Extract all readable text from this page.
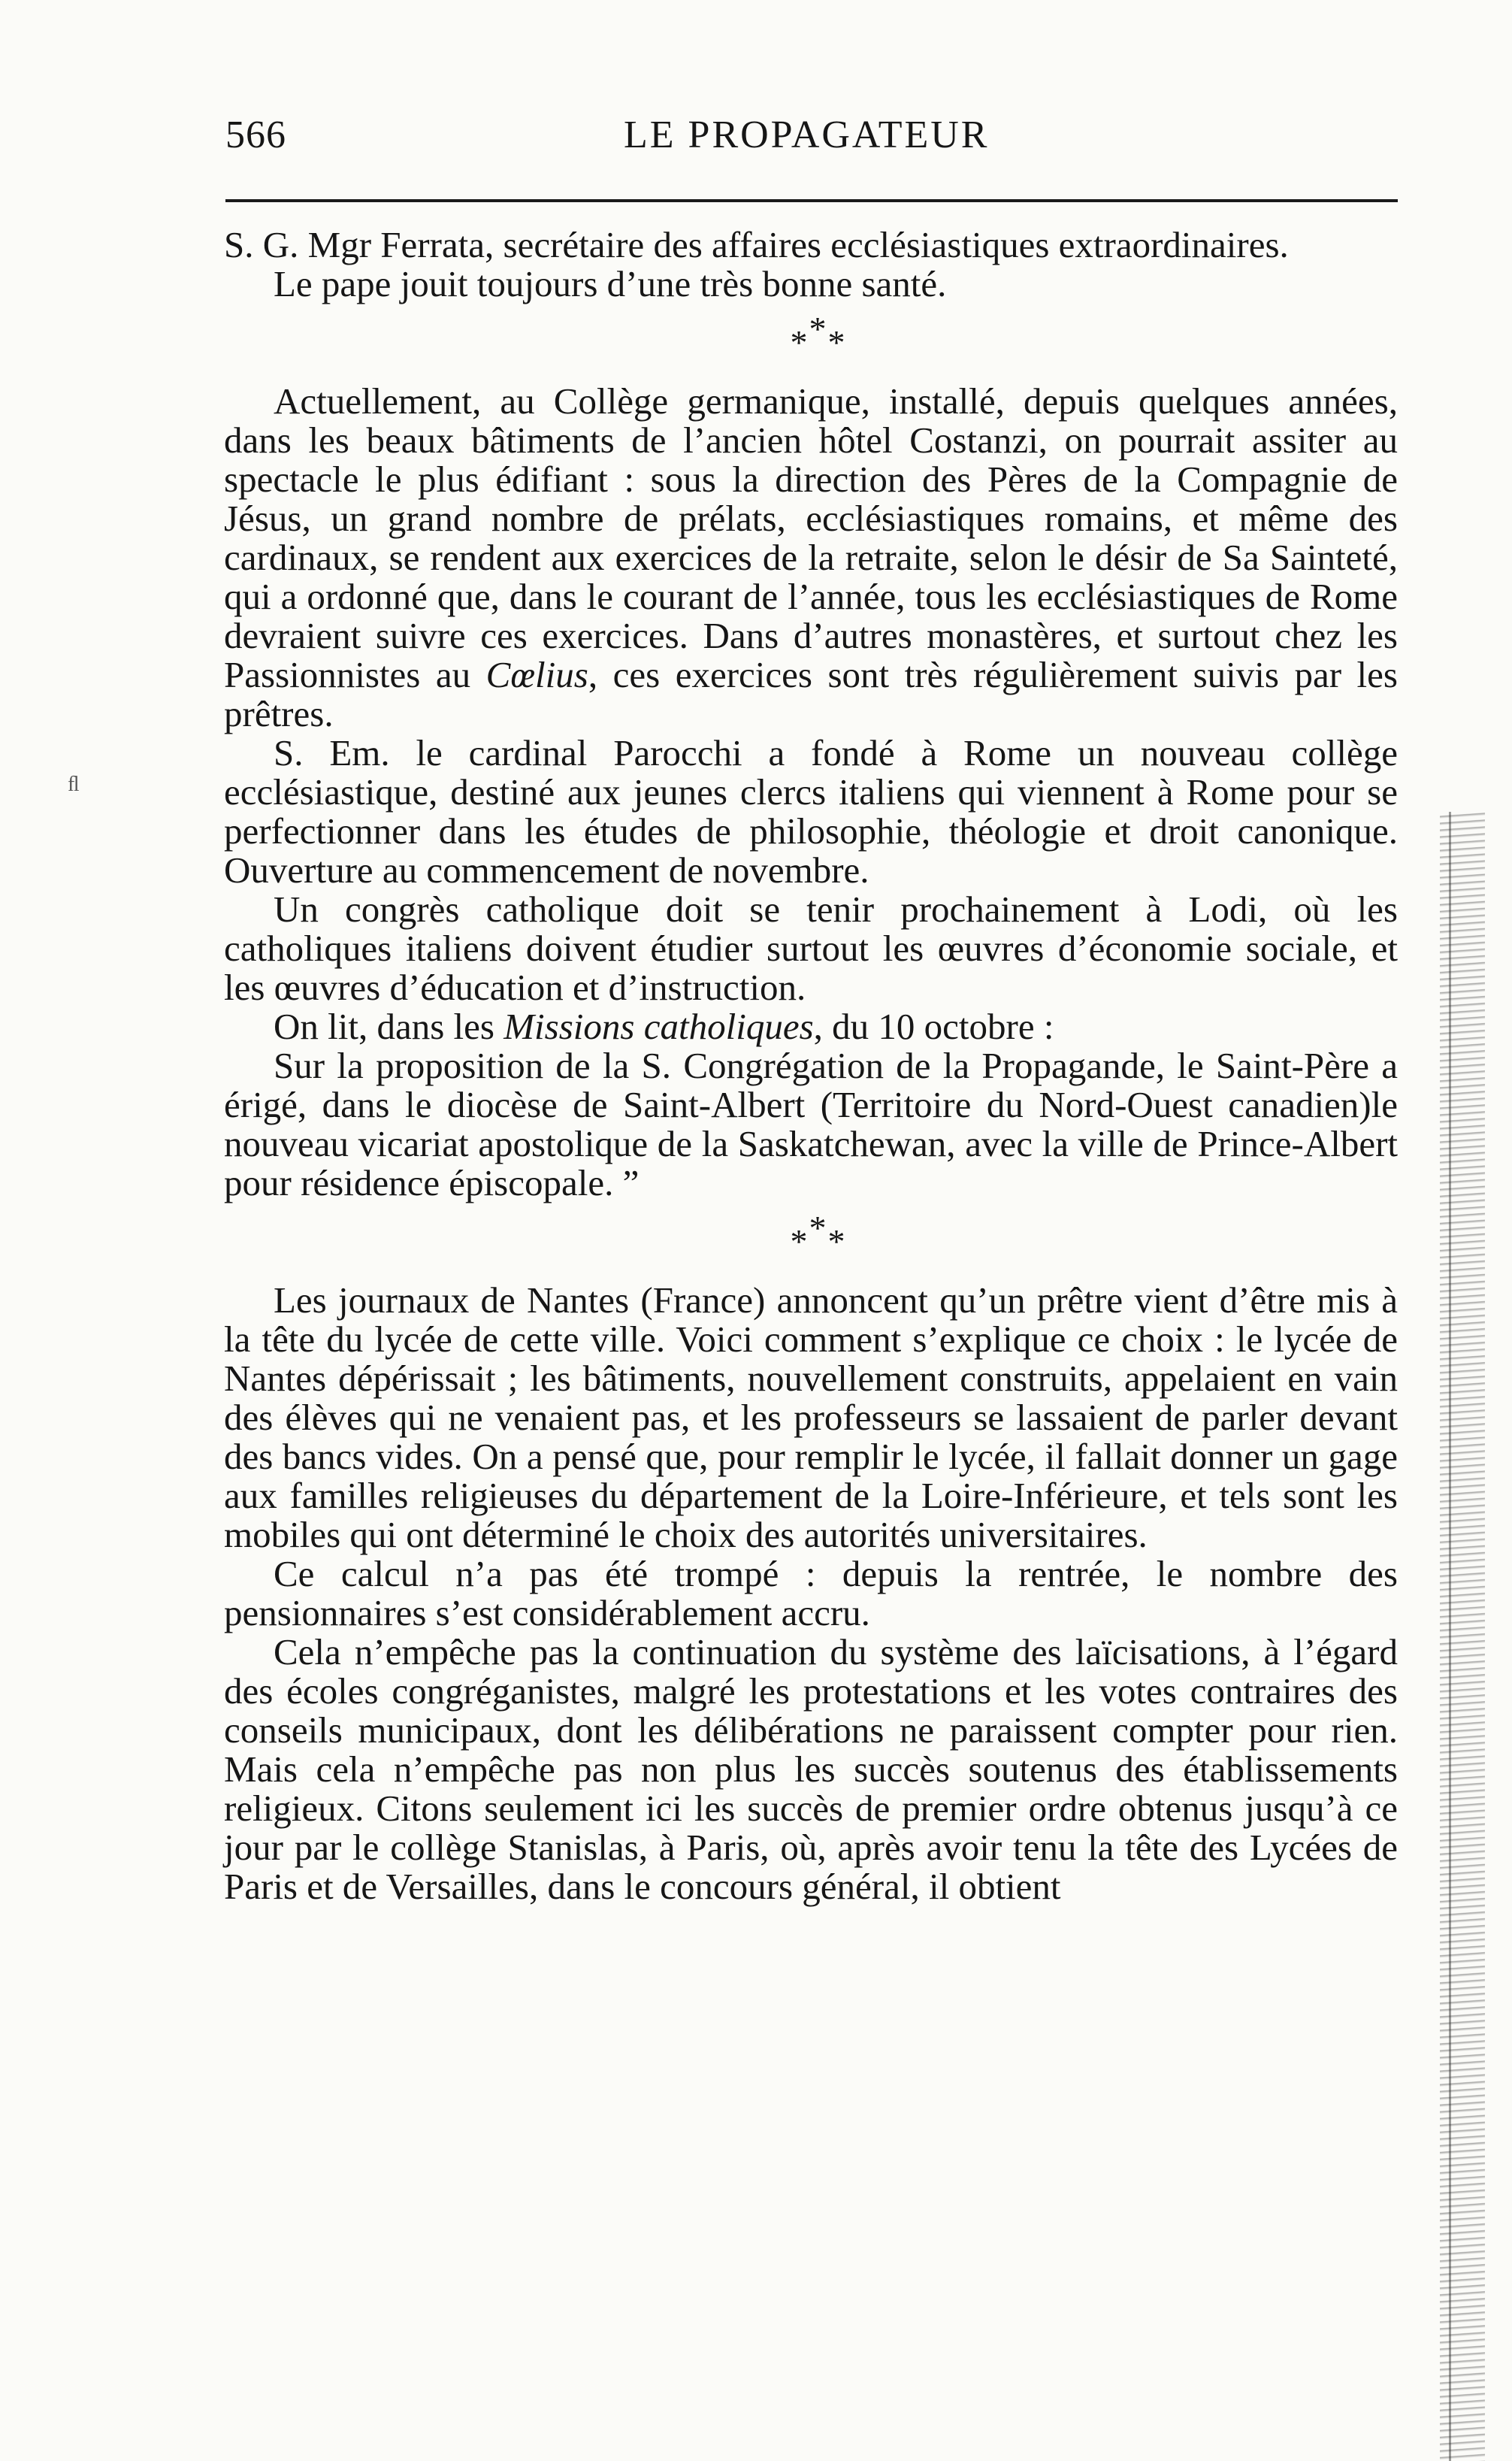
566	LE PROPAGATEUR
ﬂ

S. G. Mgr Ferrata, secrétaire des affaires ecclésiastiques extraordinaires.

Le pape jouit toujours d’une très bonne santé.

***

Actuellement, au Collège germanique, installé, depuis quelques années, dans les beaux bâtiments de l’ancien hôtel Costanzi, on pourrait assiter au spectacle le plus édifiant : sous la direction des Pères de la Compagnie de Jésus, un grand nombre de prélats, ecclésiastiques romains, et même des cardinaux, se rendent aux exercices de la retraite, selon le désir de Sa Sainteté, qui a ordonné que, dans le courant de l’année, tous les ecclésiastiques de Rome devraient suivre ces exercices. Dans d’autres monastères, et surtout chez les Passionnistes au Cœlius, ces exercices sont très régulièrement suivis par les prêtres.

S. Em. le cardinal Parocchi a fondé à Rome un nouveau collège ecclésiastique, destiné aux jeunes clercs italiens qui viennent à Rome pour se perfectionner dans les études de philosophie, théologie et droit canonique. Ouverture au commencement de novembre.

Un congrès catholique doit se tenir prochainement à Lodi, où les catholiques italiens doivent étudier surtout les œuvres d’économie sociale, et les œuvres d’éducation et d’instruction.

On lit, dans les Missions catholiques, du 10 octobre :

Sur la proposition de la S. Congrégation de la Propagande, le Saint-Père a érigé, dans le diocèse de Saint-Albert (Territoire du Nord-Ouest canadien)le nouveau vicariat apostolique de la Saskatchewan, avec la ville de Prince-Albert pour résidence épiscopale. ”

***

Les journaux de Nantes (France) annoncent qu’un prêtre vient d’être mis à la tête du lycée de cette ville. Voici comment s’explique ce choix : le lycée de Nantes dépérissait ; les bâtiments, nouvellement construits, appelaient en vain des élèves qui ne venaient pas, et les professeurs se lassaient de parler devant des bancs vides. On a pensé que, pour remplir le lycée, il fallait donner un gage aux familles religieuses du département de la Loire-Inférieure, et tels sont les mobiles qui ont déterminé le choix des autorités universitaires.

Ce calcul n’a pas été trompé : depuis la rentrée, le nombre des pensionnaires s’est considérablement accru.

Cela n’empêche pas la continuation du système des laïcisations, à l’égard des écoles congréganistes, malgré les protestations et les votes contraires des conseils municipaux, dont les délibérations ne paraissent compter pour rien. Mais cela n’empêche pas non plus les succès soutenus des établissements religieux. Citons seulement ici les succès de premier ordre obtenus jusqu’à ce jour par le collège Stanislas, à Paris, où, après avoir tenu la tête des Lycées de Paris et de Versailles, dans le concours général, il obtient
